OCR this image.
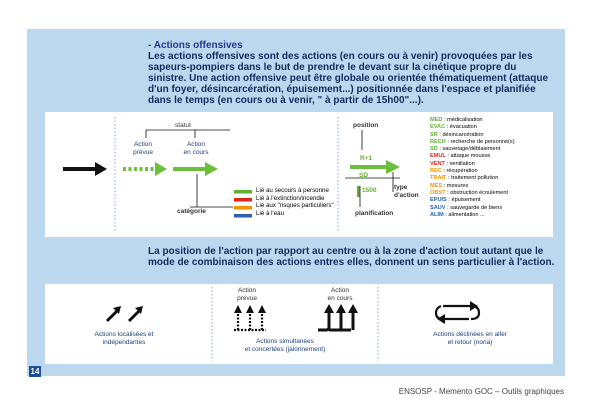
- Actions offensives
Les actions offensives sont des actions (en cours ou à venir) provoquées par les sapeurs-pompiers dans le but de prendre le devant sur la cinétique propre du sinistre. Une action offensive peut être globale ou orientée thématiquement (attaque d'un foyer, désincarcération, épuisement...) positionnée dans l'espace et planifiée dans le temps (en cours ou à venir, " à partir de 15h00"...).
statut
Action
prévue
Action
en cours
catégorie
Lié au secours à personne
Lié à l'extinction/incendie
Lié aux "risques particuliers"
Lié à l'eau
position
R+1
SD
1500	type
d'action
planification
MED : médicalisation
EVAC : évacuation
SR : désincarcération
RECH : recherche de personne(s)
SD : sauvetage/déblaiement
EMUL : attaque mousse
VENT : ventilation
REC : récupération
TRAIT : traitement pollution
MES : mesures
OBST : obstruction écoulement
EPUIS : épuisement
SAUV : sauvegarde de biens
ALIM : alimentation ...
La position de l'action par rapport au centre ou à la zone d'action tout autant que le mode de combinaison des actions entres elles, donnent un sens particulier à l'action.
Actions localisées et
indépendantes
Action
prévue
Action
en cours
Actions simultanées
et concertées (jalonnement)
Actions déclinées en aller
et retour (noria)
14
ENSOSP - Memento GOC – Outils graphiques
